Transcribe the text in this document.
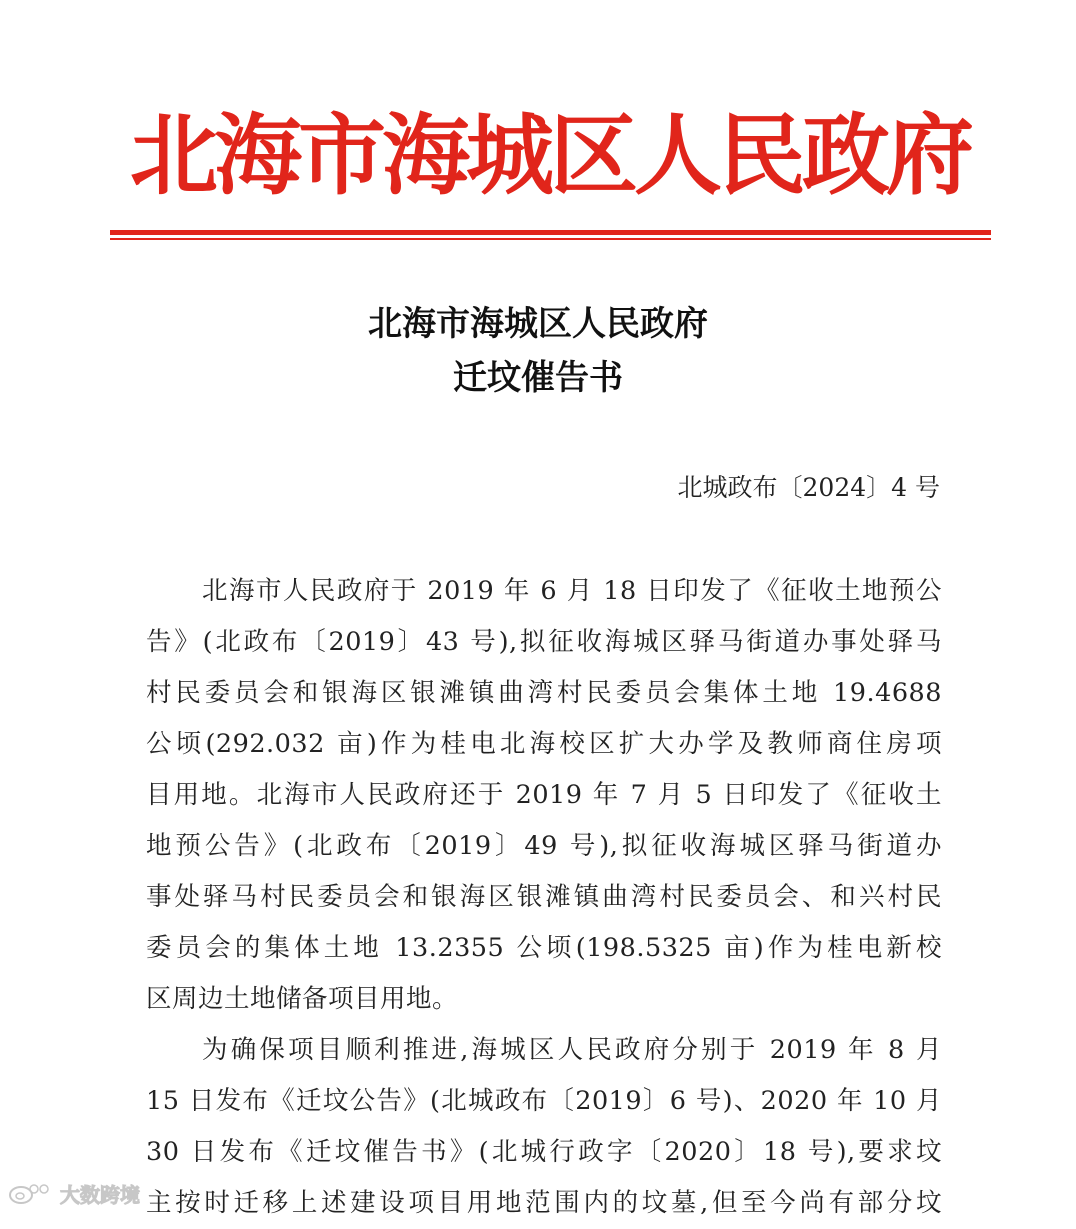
北海市海城区人民政府
北海市海城区人民政府
迁坟催告书
北城政布〔2024〕4 号
北海市人民政府于 2019 年 6 月 18 日印发了《征收土地预公
告》(北政布〔2019〕43 号),拟征收海城区驿马街道办事处驿马
村民委员会和银海区银滩镇曲湾村民委员会集体土地 19.4688
公顷(292.032 亩)作为桂电北海校区扩大办学及教师商住房项
目用地。北海市人民政府还于 2019 年 7 月 5 日印发了《征收土
地预公告》(北政布〔2019〕49 号),拟征收海城区驿马街道办
事处驿马村民委员会和银海区银滩镇曲湾村民委员会、和兴村民
委员会的集体土地 13.2355 公顷(198.5325 亩)作为桂电新校
区周边土地储备项目用地。
为确保项目顺利推进,海城区人民政府分别于 2019 年 8 月
15 日发布《迁坟公告》(北城政布〔2019〕6 号)、2020 年 10 月
30 日发布《迁坟催告书》(北城行政字〔2020〕18 号),要求坟
主按时迁移上述建设项目用地范围内的坟墓,但至今尚有部分坟
大数跨境
